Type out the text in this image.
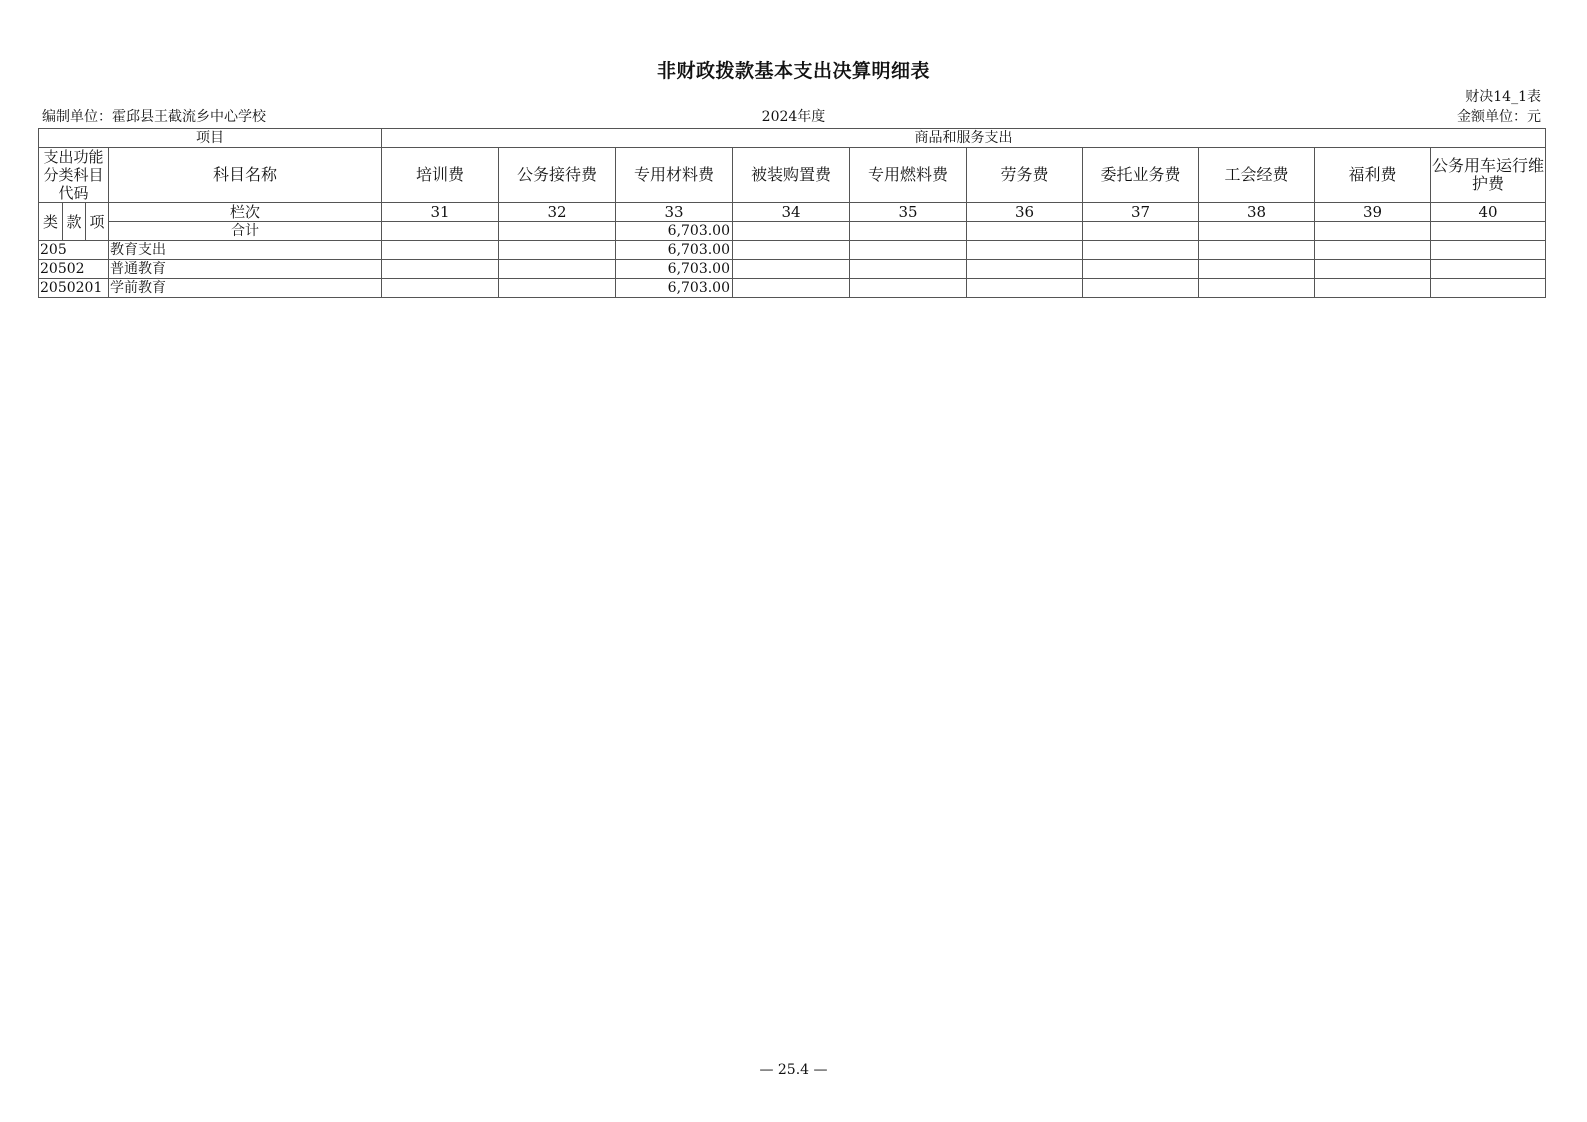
非财政拨款基本支出决算明细表
财决14_1表
编制单位：霍邱县王截流乡中心学校	2024年度	金额单位：元
项目				商品和服务支出									
支出功能分类科目代码			科目名称	培训费	公务接待费	专用材料费	被装购置费	专用燃料费	劳务费	委托业务费	工会经费	福利费	公务用车运行维护费
类	款	项	栏次	31	32	33	34	35	36	37	38	39	40
			合计			6,703.00							
205			教育支出			6,703.00							
20502			普通教育			6,703.00							
2050201			学前教育			6,703.00							
— 25.4 —
